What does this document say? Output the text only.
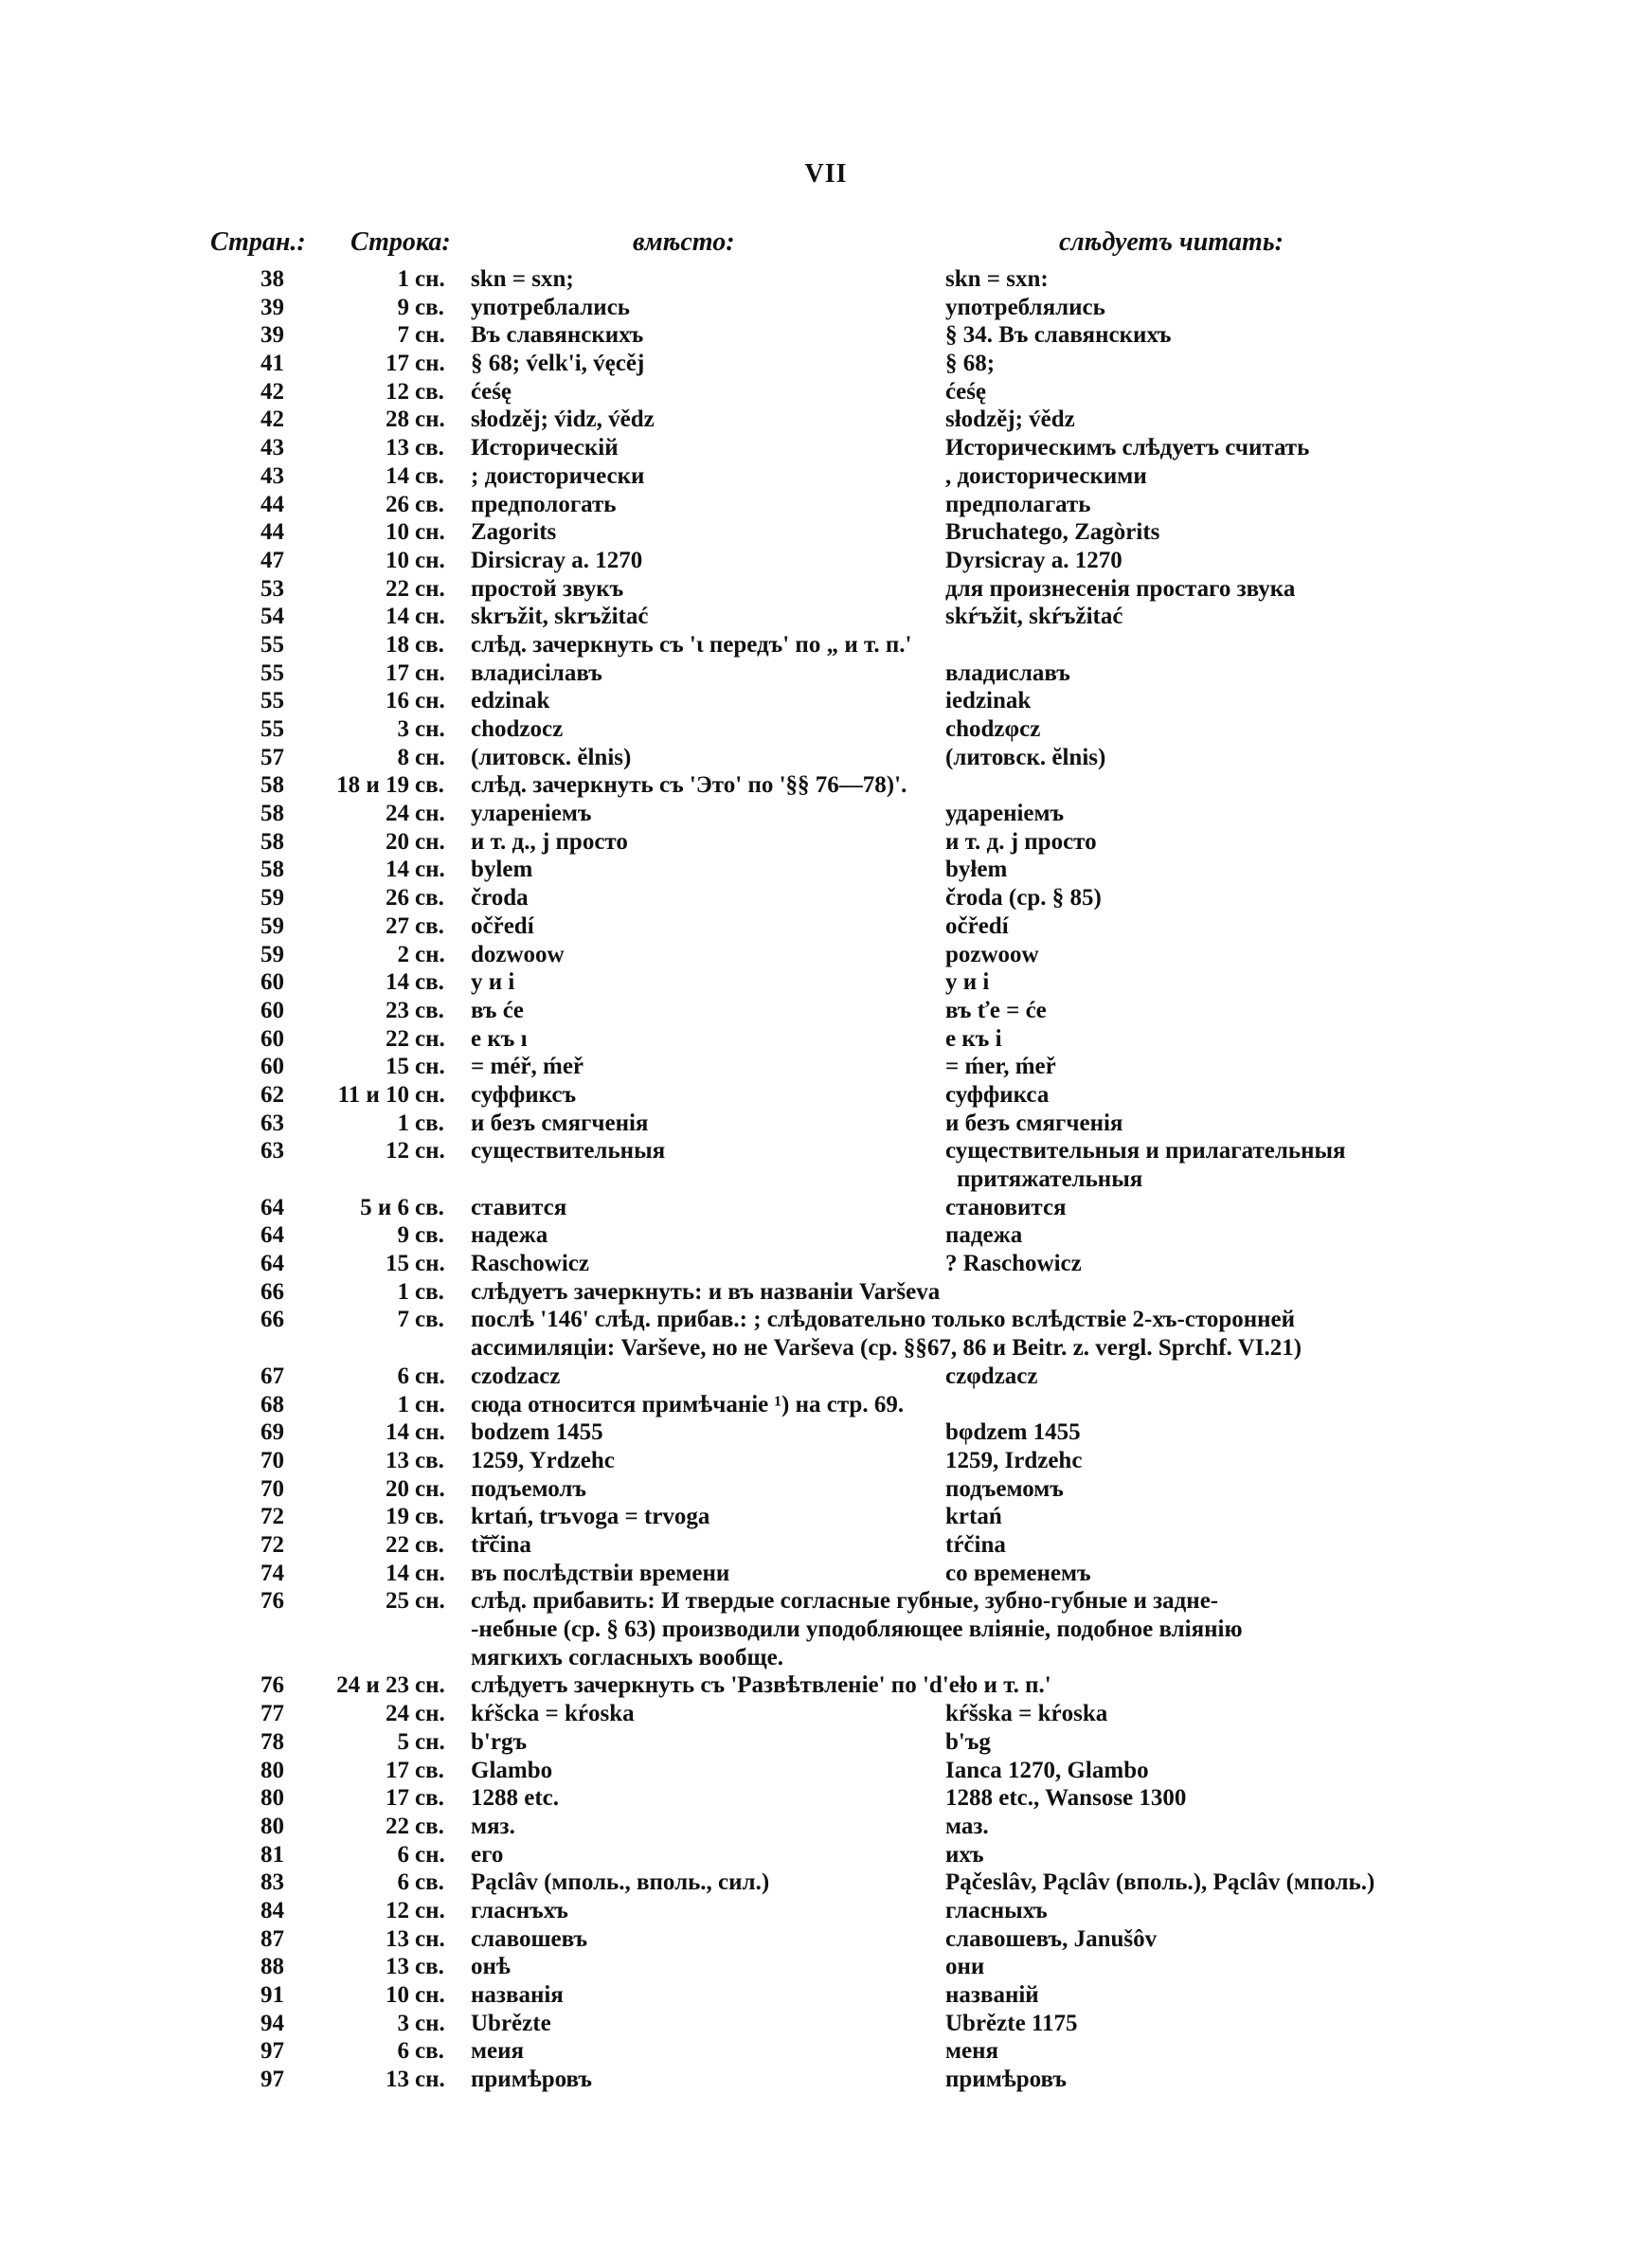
VII
Стран.: Строка:	вмѣсто:	слѣдуетъ читать:
38	1 сн.	skn = sxn;	skn = sxn:
39	9 св.	употреблались	употреблялись
39	7 сн.	Въ славянскихъ	§ 34. Въ славянскихъ
41	17 сн.	§ 68; v́elk'i, v́ęcěj	§ 68;
42	12 св.	ćeśę	ćeśę
42	28 сн.	słodzěj; v́idz, v́ědz	słodzěj; v́ědz
43	13 св.	Историческій	Историческимъ слѣдуетъ считать
43	14 св.	; доисторически	, доисторическими
44	26 св.	предпологать	предполагать
44	10 сн.	Zagorits	Bruchatego, Zagòrits
47	10 сн.	Dirsicray a. 1270	Dyrsicray a. 1270
53	22 сн.	простой звукъ	для произнесенія простаго звука
54	14 сн.	skrъžit, skrъžitać	skŕъžit, skŕъžitać
55	18 св.	слѣд. зачеркнуть съ 'ι передъ' по „ и т. п.'
55	17 сн.	владисілавъ	владиславъ
55	16 сн.	edzinak	iedzinak
55	3 сн.	chodzocz	chodzφcz
57	8 сн.	(литовск. ĕlnis)	(литовск. ĕlnis)
58	18 и 19 св.	слѣд. зачеркнуть съ 'Это' по '§§ 76—78)'.
58	24 сн.	улареніемъ	удареніемъ
58	20 сн.	и т. д., j просто	и т. д. j просто
58	14 сн.	bylem	byłem
59	26 св.	čroda	čroda (ср. § 85)
59	27 св.	očředí	očředí
59	2 сн.	dozwoow	pozwoow
60	14 св.	у и і	у и і
60	23 св.	въ će	въ ťe = će
60	22 сн.	е къ ı	е къ і
60	15 сн.	= méř, ḿeř	= ḿer, ḿeř
62	11 и 10 сн.	суффиксъ	суффикса
63	1 св.	и безъ смягченія	и безъ смягченія
63	12 сн.	существительныя	существительныя и прилагательныя
притяжательныя
64	5 и 6 св.	ставится	становится
64	9 св.	надежа	падежа
64	15 сн.	Raschowicz	? Raschowicz
66	1 св.	слѣдуетъ зачеркнуть: и въ названіи Varševa
66	7 св.	послѣ '146' слѣд. прибав.: ; слѣдовательно только вслѣдствіе 2-хъ-сторонней
ассимиляціи: Varševe, но не Varševa (ср. §§67, 86 и Beitr. z. vergl. Sprchf. VI.21)
67	6 сн.	czodzacz	czφdzacz
68	1 сн.	сюда относится примѣчаніе ¹) на стр. 69.
69	14 сн.	bodzem 1455	bφdzem 1455
70	13 св.	1259, Yrdzehc	1259, Irdzehc
70	20 сн.	подъемолъ	подъемомъ
72	19 св.	krtań, trъvoga = trvoga	krtań
72	22 св.	tř̄čina	tŕčina
74	14 сн.	въ послѣдствіи времени	со временемъ
76	25 сн.	слѣд. прибавить: И твердые согласные губные, зубно-губные и задне-
-небные (ср. § 63) производили уподобляющее вліяніе, подобное вліянію
мягкихъ согласныхъ вообще.
76	24 и 23 сн.	слѣдуетъ зачеркнуть съ 'Развѣтвленіе' по 'd'eło и т. п.'
77	24 сн.	kŕšcka = kŕoska	kŕšska = kŕoska
78	5 сн.	b'rgъ	b'ъg
80	17 св.	Glambo	Ianca 1270, Glambo
80	17 св.	1288 etc.	1288 etc., Wansose 1300
80	22 св.	мяз.	маз.
81	6 сн.	его	ихъ
83	6 св.	Pąclâv (мполь., вполь., сил.)	Pąčeslâv, Pąclâv (вполь.), Pąclâv (мполь.)
84	12 сн.	гласнъхъ	гласныхъ
87	13 сн.	славошевъ	славошевъ, Janušôv
88	13 св.	онѣ	они
91	10 сн.	названія	названій
94	3 сн.	Ubrězte	Ubrězte 1175
97	6 св.	меия	меня
97	13 сн.	примѣровъ	примѣровъ
